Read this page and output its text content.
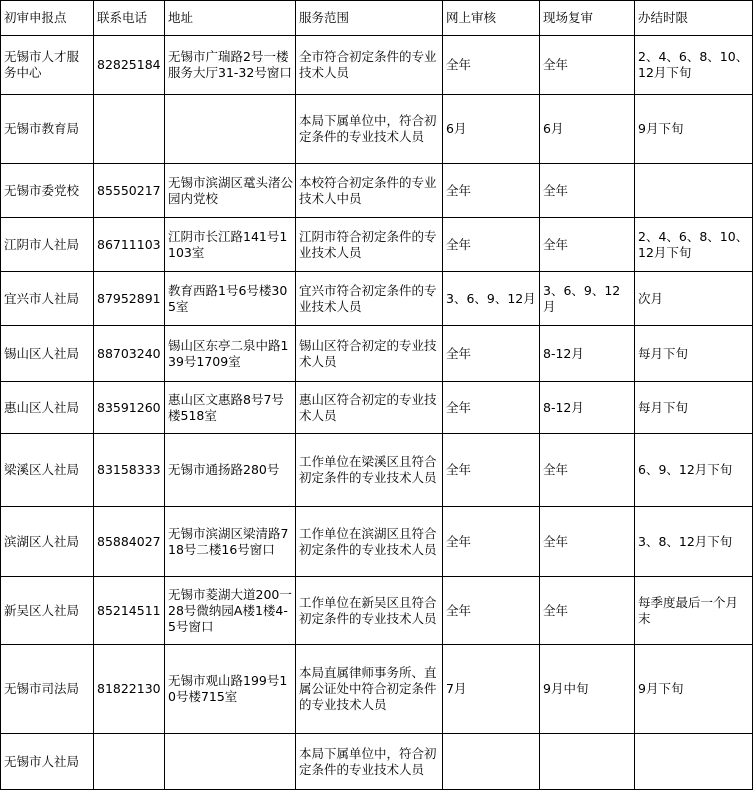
初审申报点	联系电话	地址	服务范围	网上审核	现场复审	办结时限
无锡市人才服务中心	82825184	无锡市广瑞路2号一楼服务大厅31-32号窗口	全市符合初定条件的专业技术人员	全年	全年	2、4、6、8、10、12月下旬
无锡市教育局			本局下属单位中，符合初定条件的专业技术人员	6月	6月	9月下旬
无锡市委党校	85550217	无锡市滨湖区鼋头渚公园内党校	本校符合初定条件的专业技术人中员	全年	全年	
江阴市人社局	86711103	江阴市长江路141号1103室	江阴市符合初定条件的专业技术人员	全年	全年	2、4、6、8、10、12月下旬
宜兴市人社局	87952891	教育西路1号6号楼305室	宜兴市符合初定条件的专业技术人员	3、6、9、12月	3、6、9、12月	次月
锡山区人社局	88703240	锡山区东亭二泉中路139号1709室	锡山区符合初定的专业技术人员	全年	8-12月	每月下旬
惠山区人社局	83591260	惠山区文惠路8号7号楼518室	惠山区符合初定的专业技术人员	全年	8-12月	每月下旬
梁溪区人社局	83158333	无锡市通扬路280号	工作单位在梁溪区且符合初定条件的专业技术人员	全年	全年	6、9、12月下旬
滨湖区人社局	85884027	无锡市滨湖区梁清路718号二楼16号窗口	工作单位在滨湖区且符合初定条件的专业技术人员	全年	全年	3、8、12月下旬
新吴区人社局	85214511	无锡市菱湖大道200一28号微纳园A楼1楼4-5号窗口	工作单位在新吴区且符合初定条件的专业技术人员	全年	全年	每季度最后一个月末
无锡市司法局	81822130	无锡市观山路199号10号楼715室	本局直属律师事务所、直属公证处中符合初定条件的专业技术人员	7月	9月中旬	9月下旬
无锡市人社局			本局下属单位中，符合初定条件的专业技术人员			
